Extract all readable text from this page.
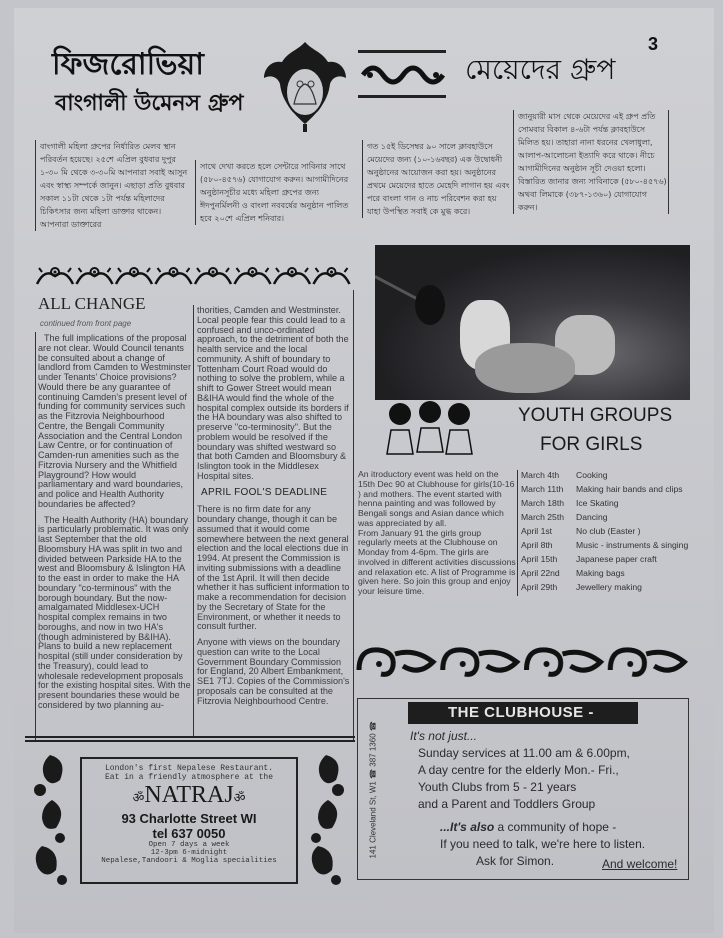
ফিজরোভিয়া
বাংগালী উমেনস গ্রুপ
মেয়েদের গ্রুপ
3
বাংগালী মহিলা গ্রুপের নির্ধারিত মেলব স্থান পরিবর্তন হয়েছে। ২৫শে এপ্রিল বুধবার দুপুর ১-৩০ মি থেকে ৩-৩০মি আপনারা সবাই আসুন এবং স্বাস্থ্য সম্পর্কে জানুন। এছাড়া প্রতি বুধবার সকাল ১১টা থেকে ১টা পর্যন্ত মহিলাদের চিকিৎসার জন্য মহিলা ডাক্তার থাকেন। আপনারা ডাক্তারের
সাথে দেখা করতে হলে সেন্টারে সাবিনার সাথে (৫৮০-৪৫৭৬) যোগাযোগ করুন। আগামীদিনের অনুষ্ঠানসূচীর মধ্যে মহিলা গ্রুপের জন্য ঈদপুনর্মিলনী ও বাংলা নববর্ষের অনুষ্ঠান পালিত হবে ২০শে এপ্রিল শনিবার।
গত ১৫ই ডিসেম্বর ৯০ সালে ক্লাবহাউসে মেয়েদের জন্য (১০-১৬বছর) এক উদ্বোধনী অনুষ্ঠানের আয়োজন করা হয়। অনুষ্ঠানের প্রথমে মেয়েদের হাতে মেহেদি লাগান হয় এবং পরে বাংলা গান ও নাচ পরিবেশন করা হয় যাহা উপস্থিত সবাই কে মুগ্ধ করে।
জানুয়ারী মাস থেকে মেয়েদের এই গ্রুপ প্রতি সোমবার বিকাল ৪-৬টা পর্যন্ত ক্লাবহাউসে মিলিত হয়। তাহারা নানা ধরনের খেলাধুলা, আলাপ-আলোচনা ইত্যাদি করে থাকে। নীচে আগামীদিনের অনুষ্ঠান সূচী দেওয়া হলো। বিস্তারিত জানার জন্য সাবিনাকে (৫৮০-৪৫৭৬) অথবা লিমাকে (৩৮৭-১৩৬০) যোগাযোগ করুন।
YOUTH GROUPS
FOR GIRLS
ALL CHANGE
continued from front page

The full implications of the proposal are not clear. Would Council tenants be consulted about a change of landlord from Camden to Westminster under Tenants' Choice provisions? Would there be any guarantee of continuing Camden's present level of funding for community services such as the Fitzrovia Neighbourhood Centre, the Bengali Community Association and the Central London Law Centre, or for continuation of Camden-run amenities such as the Fitzrovia Nursery and the Whitfield Playground? How would parliamentary and ward boundaries, and police and Health Authority boundaries be affected?

The Health Authority (HA) boundary is particularly problematic. It was only last September that the old Bloomsbury HA was split in two and divided between Parkside HA to the west and Bloomsbury & Islington HA to the east in order to make the HA boundary "co-terminous" with the borough boundary. But the now-amalgamated Middlesex-UCH hospital complex remains in two boroughs, and now in two HA's (though administered by B&IHA). Plans to build a new replacement hospital (still under consideration by the Treasury), could lead to wholesale redevelopment proposals for the existing hospital sites. With the present boundaries these would be considered by two planning au-

thorities, Camden and Westminster. Local people fear this could lead to a confused and unco-ordinated approach, to the detriment of both the health service and the local community. A shift of boundary to Tottenham Court Road would do nothing to solve the problem, while a shift to Gower Street would mean B&IHA would find the whole of the hospital complex outside its borders if the HA boundary was also shifted to preserve "co-terminosity". But the problem would be resolved if the boundary was shifted westward so that both Camden and Bloomsbury & Islington took in the Middlesex Hospital sites.

APRIL FOOL'S DEADLINE

There is no firm date for any boundary change, though it can be assumed that it would come somewhere between the next general election and the local elections due in 1994. At present the Commission is inviting submissions with a deadline of the 1st April. It will then decide whether it has sufficient information to make a recommendation for decision by the Secretary of State for the Environment, or whether it needs to consult further.

Anyone with views on the boundary question can write to the Local Government Boundary Commission for England, 20 Albert Embankment, SE1 7TJ. Copies of the Commission's proposals can be consulted at the Fitzrovia Neighbourhood Centre.

An itroductory event was held on the 15th Dec 90 at Clubhouse for girls(10-16 ) and mothers. The event started with henna painting and was followed by Bengali songs and Asian dance which was appreciated by all.
From January 91 the girls group regularly meets at the Clubhouse on Monday from 4-6pm. The girls are involved in different activities discussions and relaxation etc. A list of Programme is given here. So join this group and enjoy your leisure time.
March 4th	Cooking
March 11th	Making hair bands and clips
March 18th	Ice Skating
March 25th	Dancing
April 1st	No club (Easter )
April 8th	Music - instruments & singing
April 15th	Japanese paper craft
April 22nd	Making bags
April 29th	Jewellery making
141 Cleveland St, W1 ☎ 387 1360 ☎
THE CLUBHOUSE -
It's not just...
Sunday services at 11.00 am & 6.00pm,
A day centre for the elderly Mon.- Fri.,
Youth Clubs from 5 - 21 years
and a Parent and Toddlers Group
...It's also a community of hope -
If you need to talk, we're here to listen.
Ask for Simon.	And welcome!
London's first Nepalese Restaurant.
Eat in a friendly atmosphere at the
ॐNATRAJॐ
93 Charlotte Street WI
tel 637 0050
Open 7 days a week
12-3pm 6-midnight
Nepalese,Tandoori & Moglia specialities
